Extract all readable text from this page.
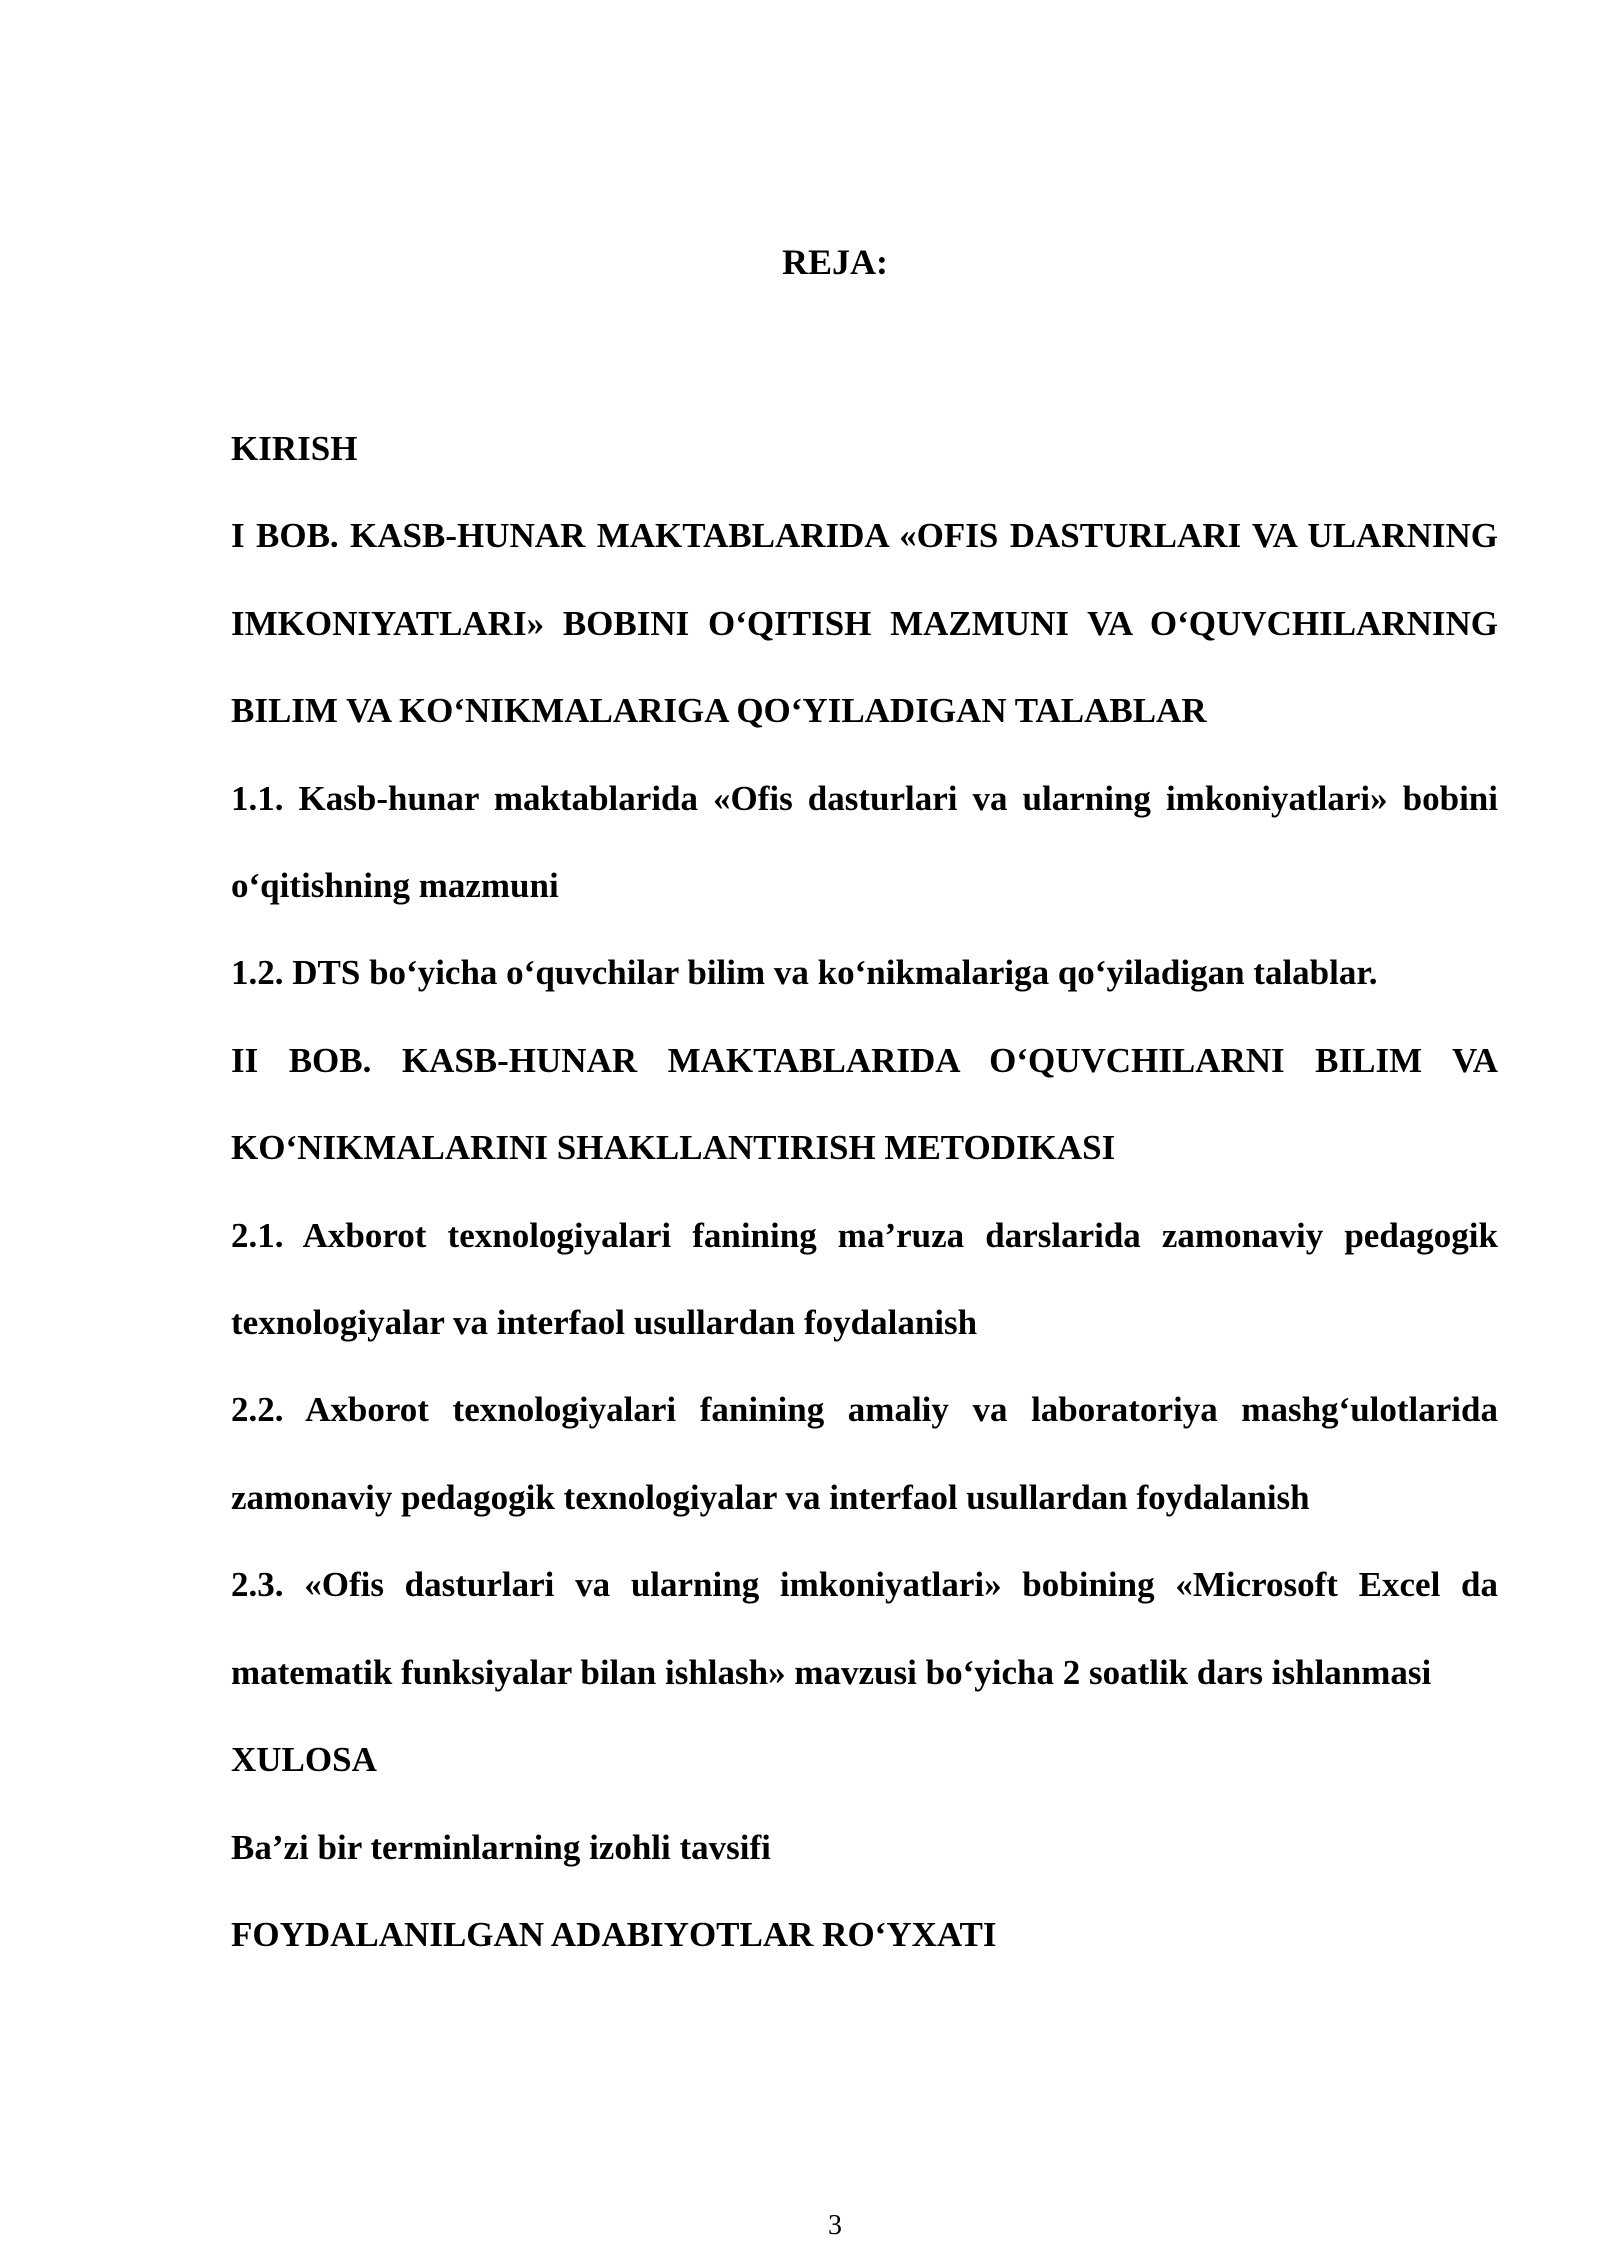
REJA:

KIRISH

I BOB. KASB-HUNAR MAKTABLARIDA «OFIS DASTURLARI VA ULARNING IMKONIYATLARI» BOBINI O‘QITISH MAZMUNI VA O‘QUVCHILARNING BILIM VA KO‘NIKMALARIGA QO‘YILADIGAN TALABLAR

1.1. Kasb-hunar maktablarida «Ofis dasturlari va ularning imkoniyatlari» bobini o‘qitishning mazmuni

1.2. DTS bo‘yicha o‘quvchilar bilim va ko‘nikmalariga qo‘yiladigan talablar.

II BOB. KASB-HUNAR MAKTABLARIDA O‘QUVCHILARNI BILIM VA KO‘NIKMALARINI SHAKLLANTIRISH METODIKASI

2.1. Axborot texnologiyalari fanining ma’ruza darslarida zamonaviy pedagogik texnologiyalar va interfaol usullardan foydalanish

2.2. Axborot texnologiyalari fanining amaliy va laboratoriya mashg‘ulotlarida zamonaviy pedagogik texnologiyalar va interfaol usullardan foydalanish

2.3. «Ofis dasturlari va ularning imkoniyatlari» bobining «Microsoft Excel da matematik funksiyalar bilan ishlash» mavzusi bo‘yicha 2 soatlik dars ishlanmasi

XULOSA

Ba’zi bir terminlarning izohli tavsifi

FOYDALANILGAN ADABIYOTLAR RO‘YXATI

3
